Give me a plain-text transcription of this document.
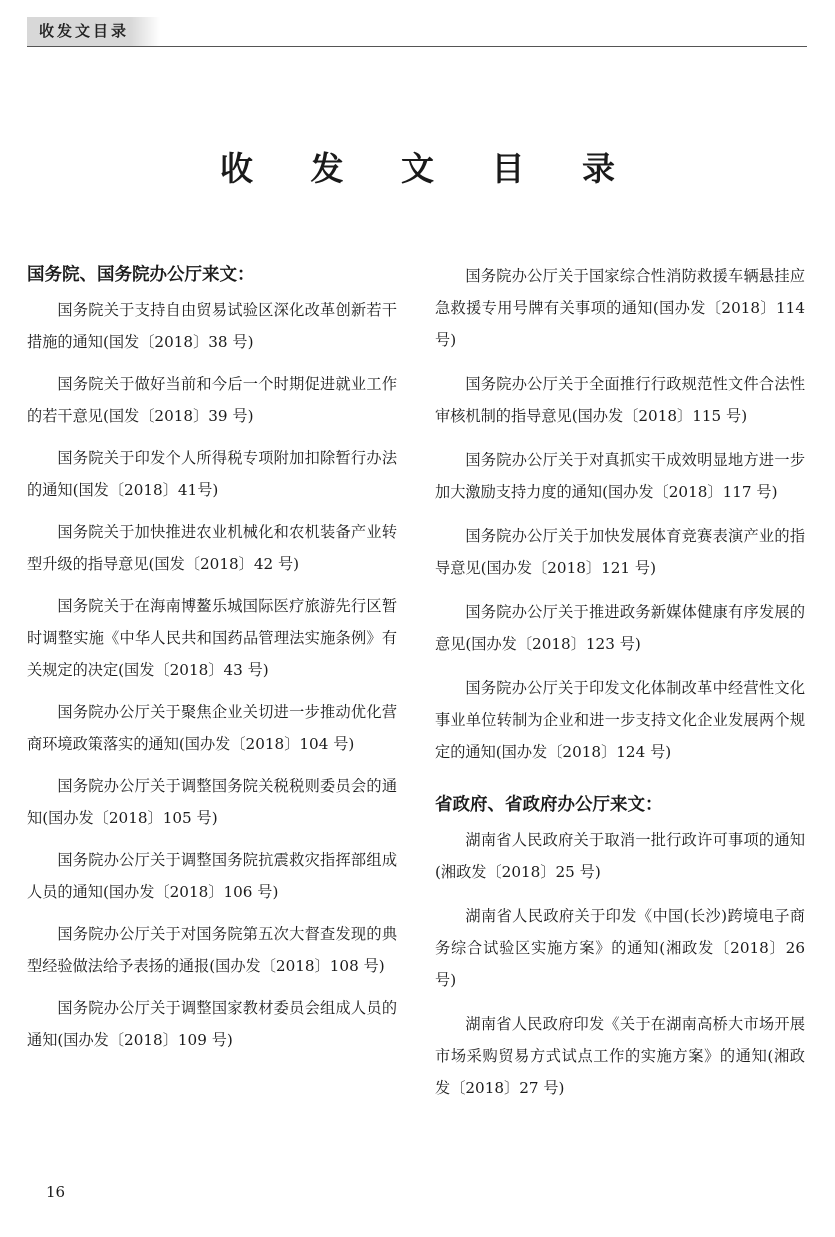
收发文目录
收 发 文 目 录
国务院、国务院办公厅来文：

国务院关于支持自由贸易试验区深化改革创新若干措施的通知(国发〔2018〕38 号)

国务院关于做好当前和今后一个时期促进就业工作的若干意见(国发〔2018〕39 号)

国务院关于印发个人所得税专项附加扣除暂行办法的通知(国发〔2018〕41号)

国务院关于加快推进农业机械化和农机装备产业转型升级的指导意见(国发〔2018〕42 号)

国务院关于在海南博鳌乐城国际医疗旅游先行区暂时调整实施《中华人民共和国药品管理法实施条例》有关规定的决定(国发〔2018〕43 号)

国务院办公厅关于聚焦企业关切进一步推动优化营商环境政策落实的通知(国办发〔2018〕104 号)

国务院办公厅关于调整国务院关税税则委员会的通知(国办发〔2018〕105 号)

国务院办公厅关于调整国务院抗震救灾指挥部组成人员的通知(国办发〔2018〕106 号)

国务院办公厅关于对国务院第五次大督查发现的典型经验做法给予表扬的通报(国办发〔2018〕108 号)

国务院办公厅关于调整国家教材委员会组成人员的通知(国办发〔2018〕109 号)

国务院办公厅关于国家综合性消防救援车辆悬挂应急救援专用号牌有关事项的通知(国办发〔2018〕114 号)

国务院办公厅关于全面推行行政规范性文件合法性审核机制的指导意见(国办发〔2018〕115 号)

国务院办公厅关于对真抓实干成效明显地方进一步加大激励支持力度的通知(国办发〔2018〕117 号)

国务院办公厅关于加快发展体育竞赛表演产业的指导意见(国办发〔2018〕121 号)

国务院办公厅关于推进政务新媒体健康有序发展的意见(国办发〔2018〕123 号)

国务院办公厅关于印发文化体制改革中经营性文化事业单位转制为企业和进一步支持文化企业发展两个规定的通知(国办发〔2018〕124 号)

省政府、省政府办公厅来文：

湖南省人民政府关于取消一批行政许可事项的通知(湘政发〔2018〕25 号)

湖南省人民政府关于印发《中国(长沙)跨境电子商务综合试验区实施方案》的通知(湘政发〔2018〕26 号)

湖南省人民政府印发《关于在湖南高桥大市场开展市场采购贸易方式试点工作的实施方案》的通知(湘政发〔2018〕27 号)

16
